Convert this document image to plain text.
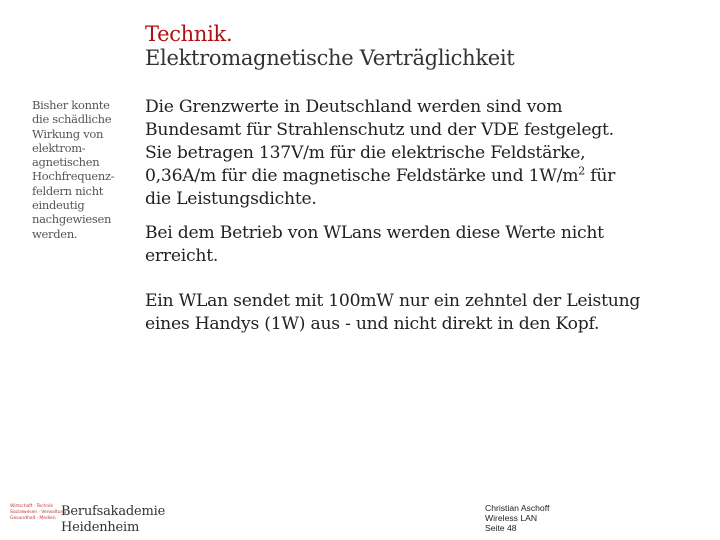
Technik.
Elektromagnetische Verträglichkeit
Bisher konnte
die schädliche
Wirkung von
elektrom-
agnetischen
Hochfrequenz-
feldern nicht
eindeutig
nachgewiesen
werden.
Die Grenzwerte in Deutschland werden sind vom
Bundesamt für Strahlenschutz und der VDE festgelegt.
Sie betragen 137V/m für die elektrische Feldstärke,
0,36A/m für die magnetische Feldstärke und $1W/m^2$ für
die Leistungsdichte.
Bei dem Betrieb von WLans werden diese Werte nicht
erreicht.
Ein WLan sendet mit 100mW nur ein zehntel der Leistung
eines Handys (1W) aus - und nicht direkt in den Kopf.
Wirtschaft · Technik
Sozialwesen · Verwaltung
Gesundheit · Medien Berufsakademie
Heidenheim
Christian Aschoff
Wireless LAN
Seite 48
